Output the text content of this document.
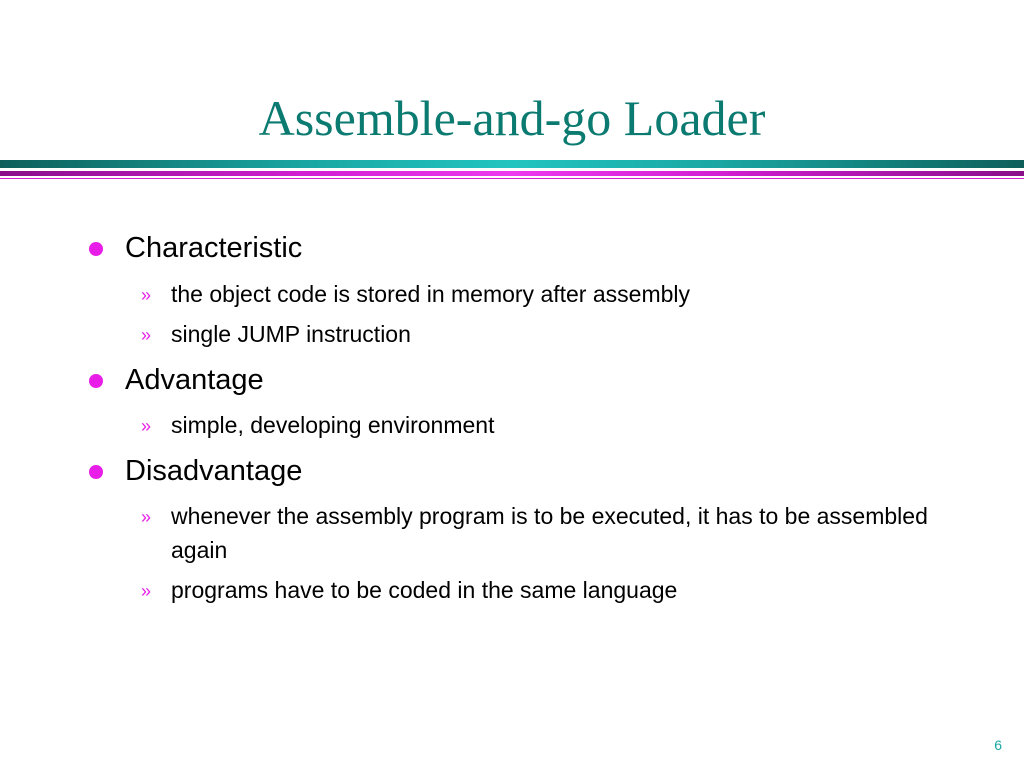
Assemble-and-go Loader
Characteristic
» the object code is stored in memory after assembly
» single JUMP instruction
Advantage
» simple, developing environment
Disadvantage
» whenever the assembly program is to be executed, it has to be assembled again
» programs have to be coded in the same language
6
